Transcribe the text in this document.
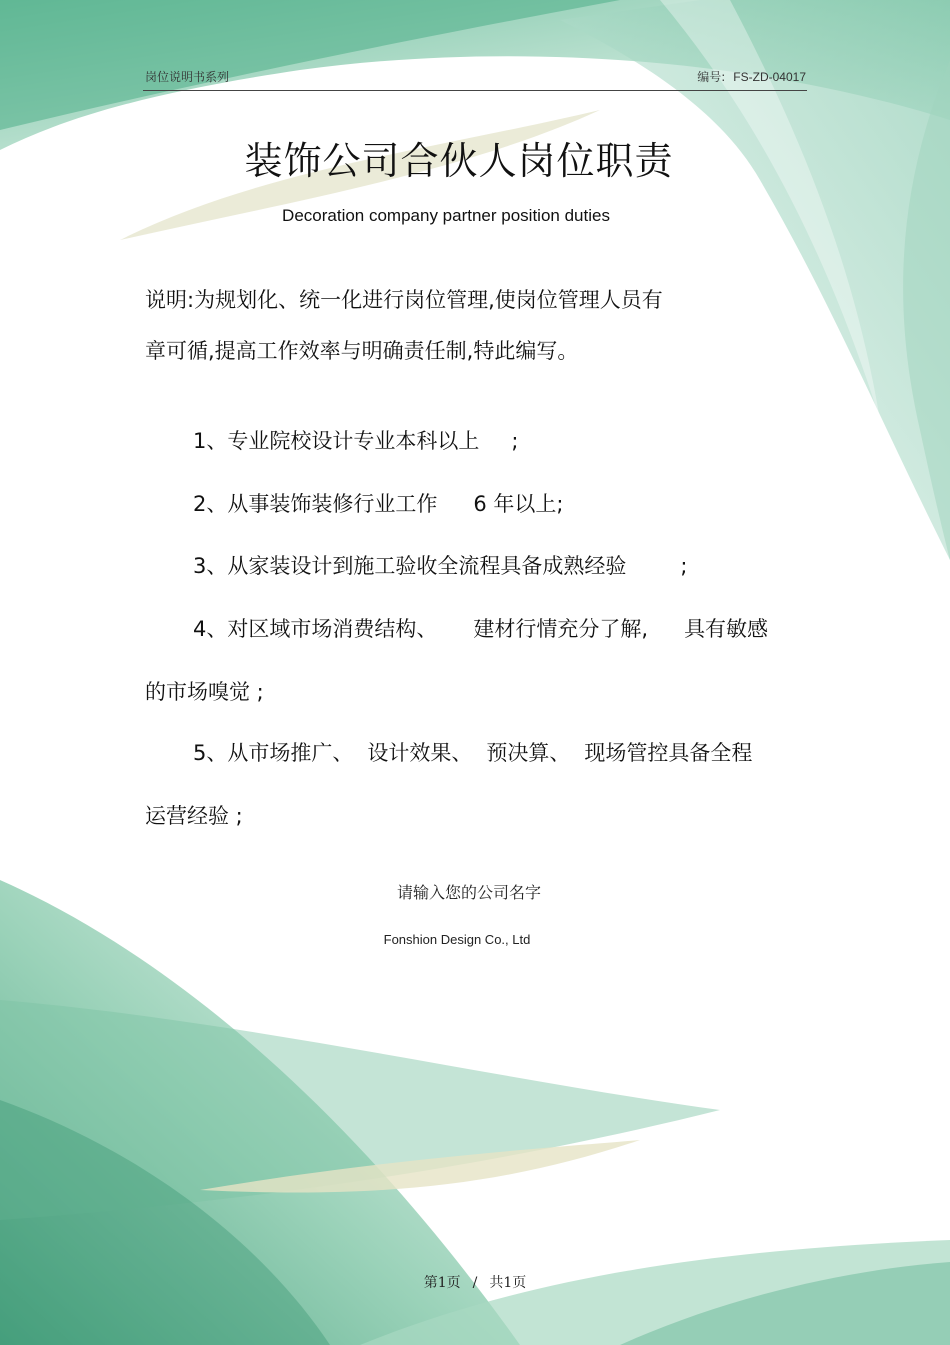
岗位说明书系列	编号: FS-ZD-04017
装饰公司合伙人岗位职责
Decoration company partner position duties
说明:为规划化、统一化进行岗位管理,使岗位管理人员有
章可循,提高工作效率与明确责任制,特此编写。
1、专业院校设计专业本科以上 ;
2、从事装饰装修行业工作 6 年以上;
3、从家装设计到施工验收全流程具备成熟经验	;
4、对区域市场消费结构、 建材行情充分了解, 具有敏感
的市场嗅觉 ;
5、从市场推广、 设计效果、 预决算、 现场管控具备全程
运营经验 ;
请输入您的公司名字
Fonshion Design Co., Ltd
第1页 / 共1页
